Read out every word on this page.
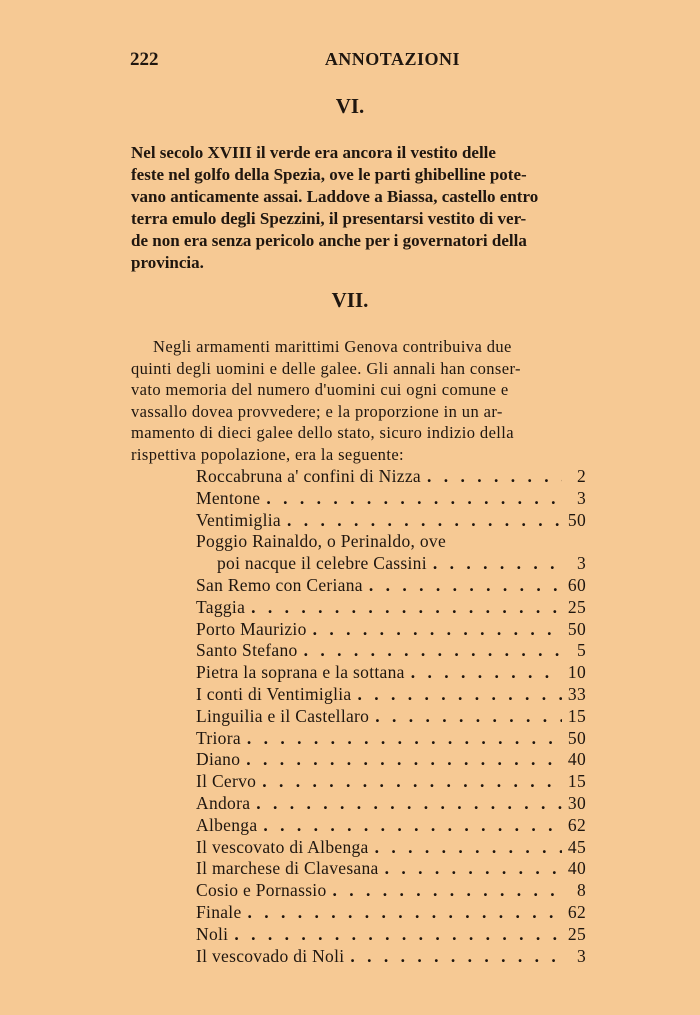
222	ANNOTAZIONI
VI.
Nel secolo XVIII il verde era ancora il vestito delle
feste nel golfo della Spezia, ove le parti ghibelline pote-
vano anticamente assai. Laddove a Biassa, castello entro
terra emulo degli Spezzini, il presentarsi vestito di ver-
de non era senza pericolo anche per i governatori della
provincia.
VII.
Negli armamenti marittimi Genova contribuiva due
quinti degli uomini e delle galee. Gli annali han conser-
vato memoria del numero d'uomini cui ogni comune e
vassallo dovea provvedere; e la proporzione in un ar-
mamento di dieci galee dello stato, sicuro indizio della
rispettiva popolazione, era la seguente:
Roccabruna a' confini di Nizza . . .	2
Mentone . . .	3
Ventimiglia . . .	50
Poggio Rainaldo, o Perinaldo, ove
poi nacque il celebre Cassini . . .	3
San Remo con Ceriana . . .	60
Taggia . . .	25
Porto Maurizio . . .	50
Santo Stefano . . .	5
Pietra la soprana e la sottana . . .	10
I conti di Ventimiglia . . .	33
Linguilia e il Castellaro . . .	15
Triora . . .	50
Diano . . .	40
Il Cervo . . .	15
Andora . . .	30
Albenga . . .	62
Il vescovato di Albenga . . .	45
Il marchese di Clavesana . . .	40
Cosio e Pornassio . . .	8
Finale . . .	62
Noli . . .	25
Il vescovado di Noli . . .	3
